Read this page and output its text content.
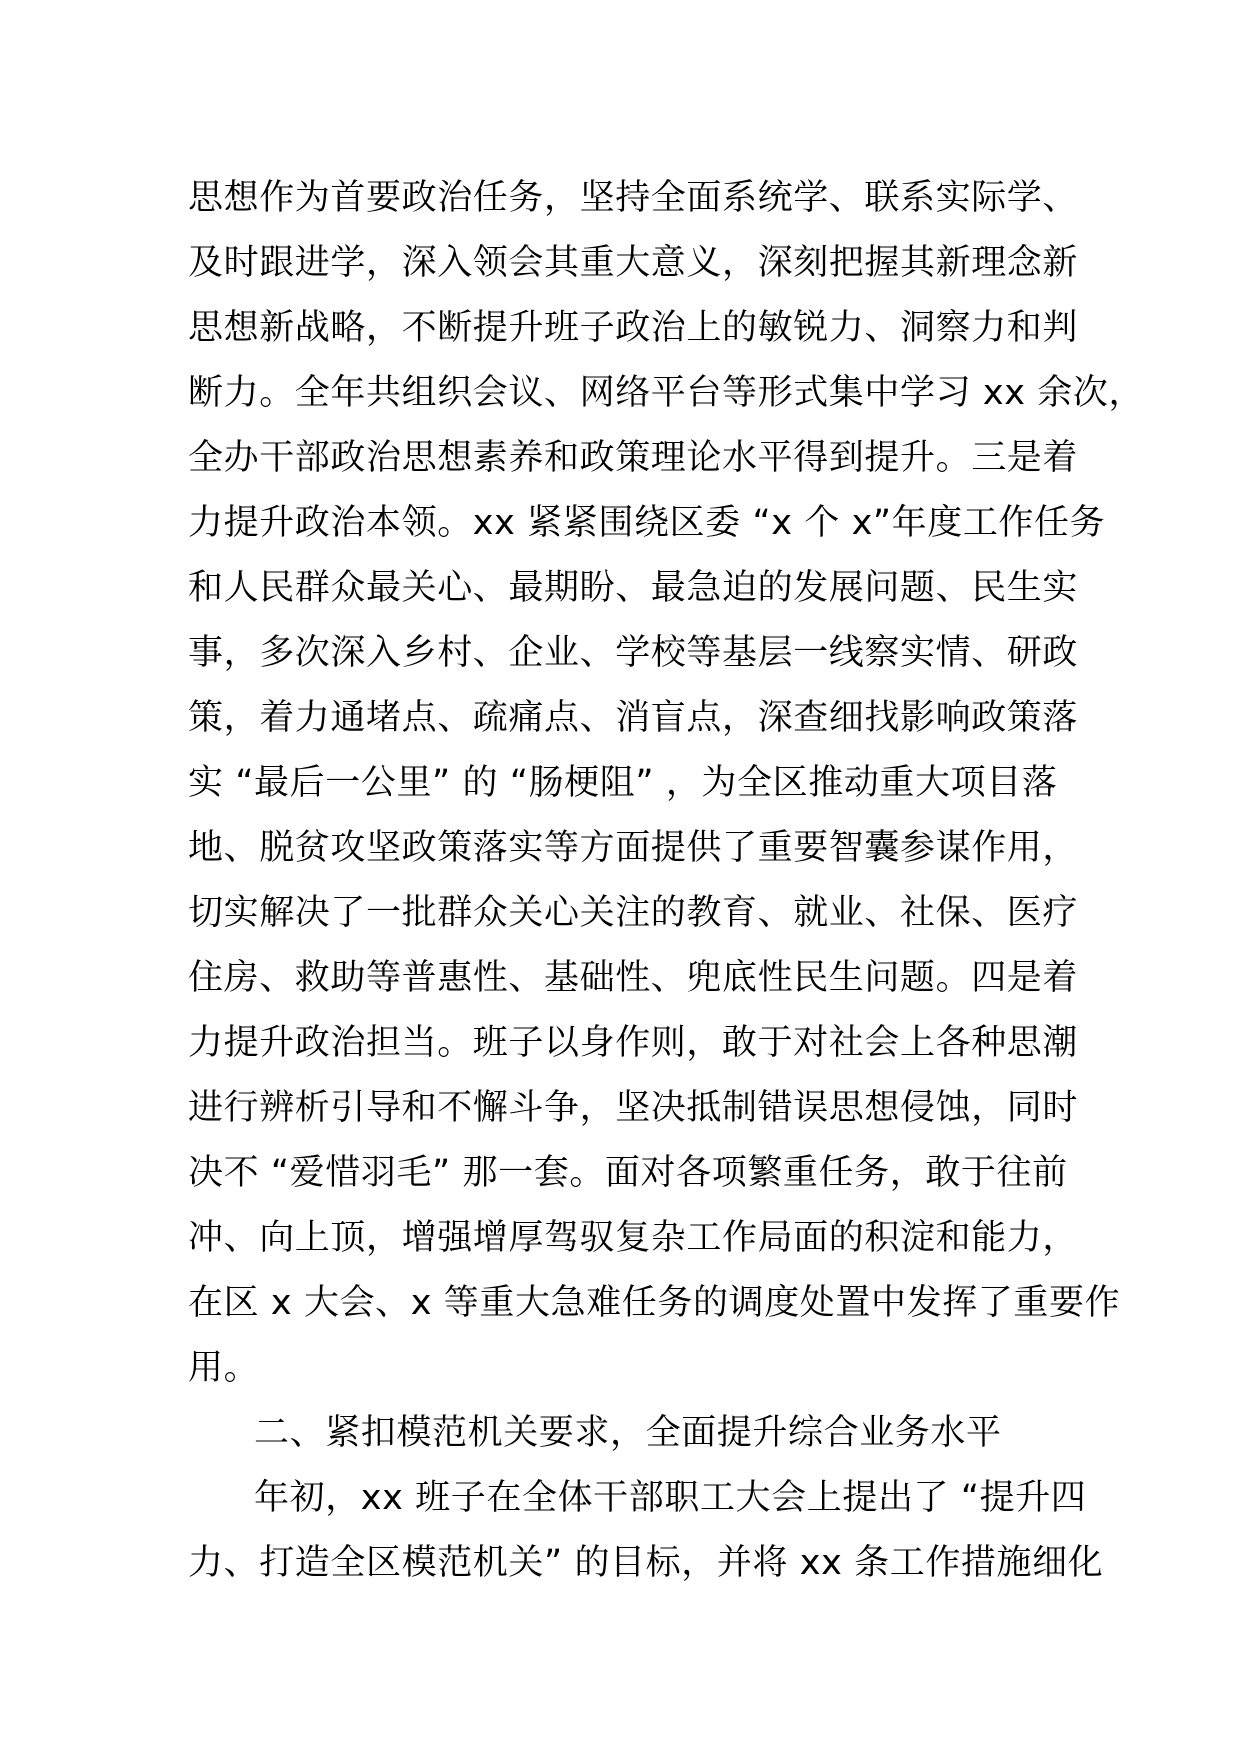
思想作为首要政治任务，坚持全面系统学、联系实际学、
及时跟进学，深入领会其重大意义，深刻把握其新理念新
思想新战略，不断提升班子政治上的敏锐力、洞察力和判
断力。全年共组织会议、网络平台等形式集中学习 xx 余次，
全办干部政治思想素养和政策理论水平得到提升。三是着
力提升政治本领。xx 紧紧围绕区委 “x 个 x”年度工作任务
和人民群众最关心、最期盼、最急迫的发展问题、民生实
事，多次深入乡村、企业、学校等基层一线察实情、研政
策，着力通堵点、疏痛点、消盲点，深查细找影响政策落
实 “最后一公里” 的 “肠梗阻” ，为全区推动重大项目落
地、脱贫攻坚政策落实等方面提供了重要智囊参谋作用，
切实解决了一批群众关心关注的教育、就业、社保、医疗
住房、救助等普惠性、基础性、兜底性民生问题。四是着
力提升政治担当。班子以身作则，敢于对社会上各种思潮
进行辨析引导和不懈斗争，坚决抵制错误思想侵蚀，同时
决不 “爱惜羽毛” 那一套。面对各项繁重任务，敢于往前
冲、向上顶，增强增厚驾驭复杂工作局面的积淀和能力，
在区 x 大会、x 等重大急难任务的调度处置中发挥了重要作
用。
二、紧扣模范机关要求，全面提升综合业务水平
年初，xx 班子在全体干部职工大会上提出了 “提升四
力、打造全区模范机关” 的目标，并将 xx 条工作措施细化
